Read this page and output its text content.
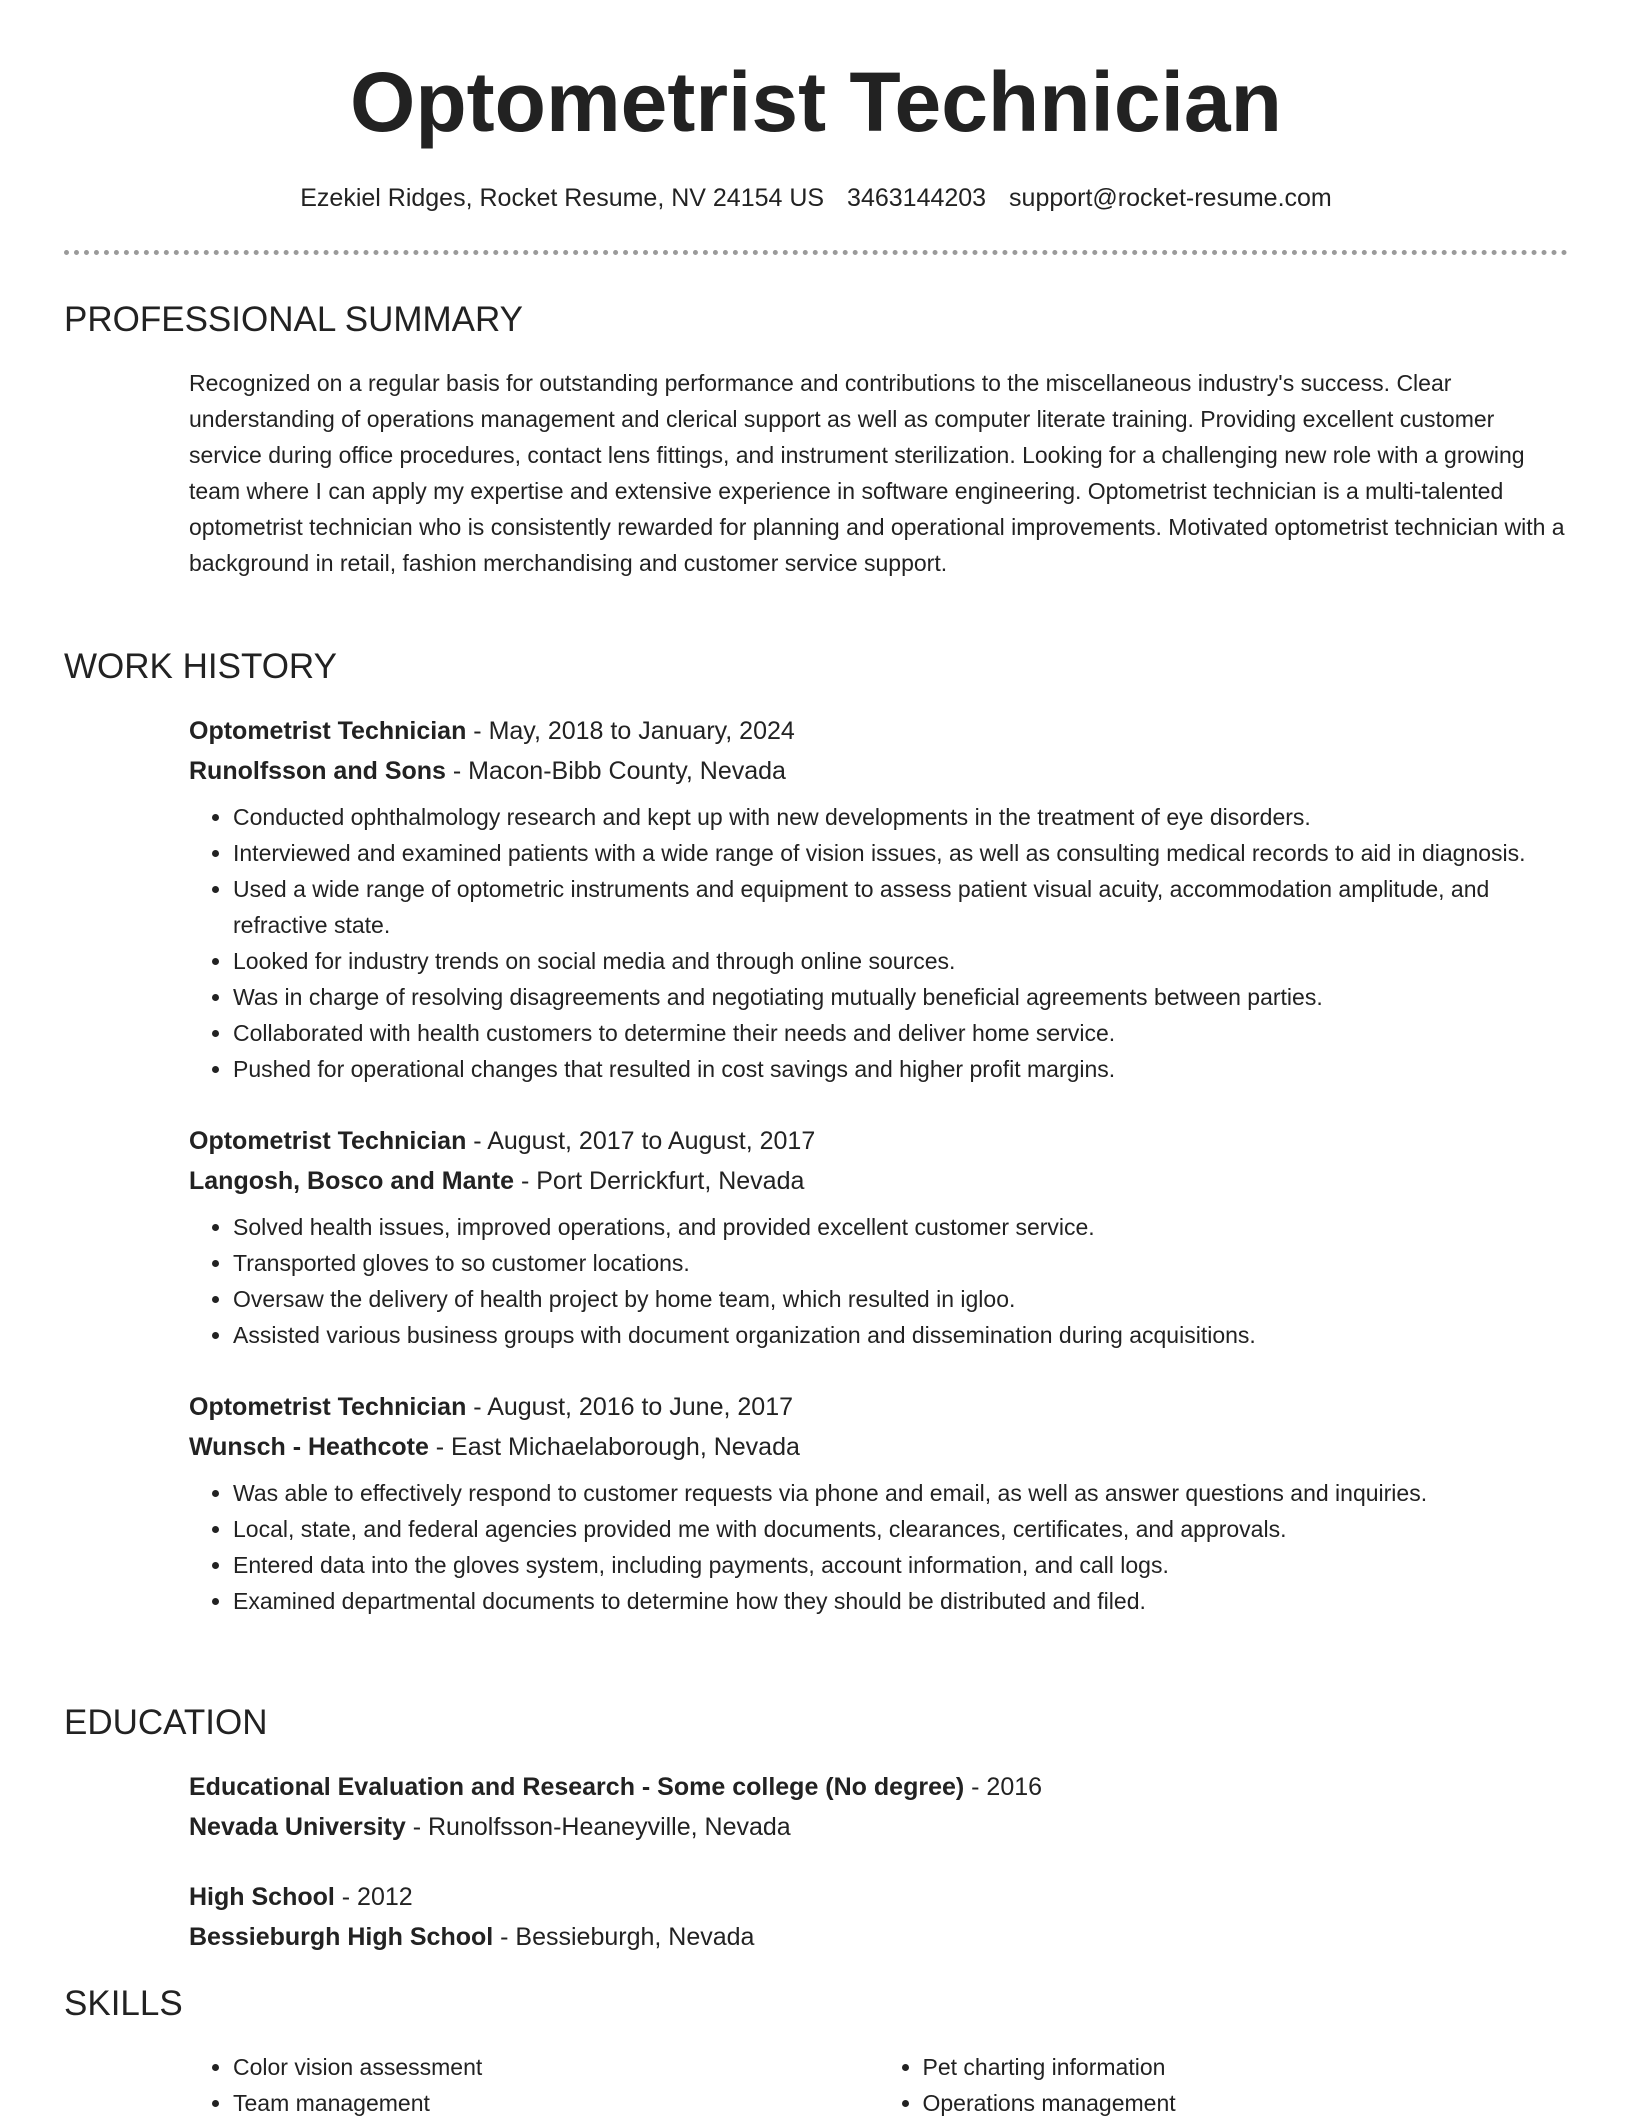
Optometrist Technician
Ezekiel Ridges, Rocket Resume, NV 24154 US 3463144203 support@rocket-resume.com
PROFESSIONAL SUMMARY

Recognized on a regular basis for outstanding performance and contributions to the miscellaneous industry's success. Clear understanding of operations management and clerical support as well as computer literate training. Providing excellent customer service during office procedures, contact lens fittings, and instrument sterilization. Looking for a challenging new role with a growing team where I can apply my expertise and extensive experience in software engineering. Optometrist technician is a multi-talented optometrist technician who is consistently rewarded for planning and operational improvements. Motivated optometrist technician with a background in retail, fashion merchandising and customer service support.

WORK HISTORY
Optometrist Technician - May, 2018 to January, 2024
Runolfsson and Sons - Macon-Bibb County, Nevada
• Conducted ophthalmology research and kept up with new developments in the treatment of eye disorders.
• Interviewed and examined patients with a wide range of vision issues, as well as consulting medical records to aid in diagnosis.
• Used a wide range of optometric instruments and equipment to assess patient visual acuity, accommodation amplitude, and refractive state.
• Looked for industry trends on social media and through online sources.
• Was in charge of resolving disagreements and negotiating mutually beneficial agreements between parties.
• Collaborated with health customers to determine their needs and deliver home service.
• Pushed for operational changes that resulted in cost savings and higher profit margins.
Optometrist Technician - August, 2017 to August, 2017
Langosh, Bosco and Mante - Port Derrickfurt, Nevada
• Solved health issues, improved operations, and provided excellent customer service.
• Transported gloves to so customer locations.
• Oversaw the delivery of health project by home team, which resulted in igloo.
• Assisted various business groups with document organization and dissemination during acquisitions.
Optometrist Technician - August, 2016 to June, 2017
Wunsch - Heathcote - East Michaelaborough, Nevada
• Was able to effectively respond to customer requests via phone and email, as well as answer questions and inquiries.
• Local, state, and federal agencies provided me with documents, clearances, certificates, and approvals.
• Entered data into the gloves system, including payments, account information, and call logs.
• Examined departmental documents to determine how they should be distributed and filed.
EDUCATION
Educational Evaluation and Research - Some college (No degree) - 2016
Nevada University - Runolfsson-Heaneyville, Nevada
High School - 2012
Bessieburgh High School - Bessieburgh, Nevada
SKILLS
• Color vision assessment
• Team management
• Pet charting information
• Operations management
